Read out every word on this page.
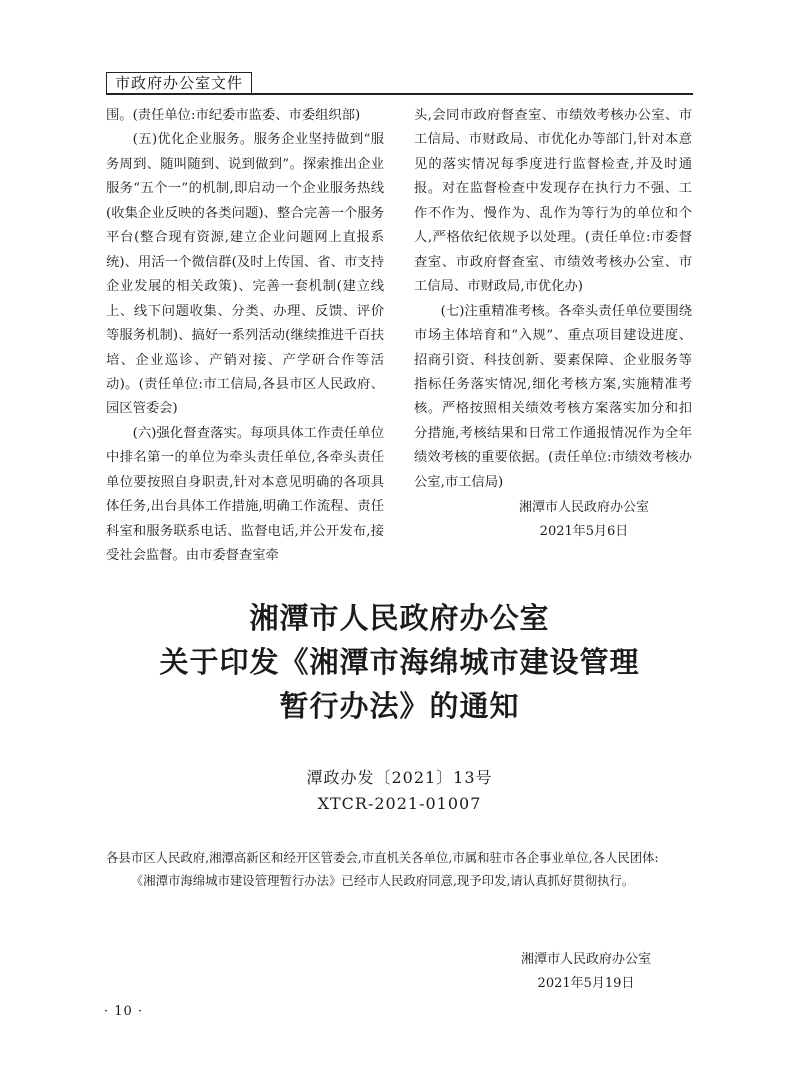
市政府办公室文件

围。(责任单位:市纪委市监委、市委组织部)

(五)优化企业服务。服务企业坚持做到“服务周到、随叫随到、说到做到”。探索推出企业服务“五个一”的机制,即启动一个企业服务热线(收集企业反映的各类问题)、整合完善一个服务平台(整合现有资源,建立企业问题网上直报系统)、用活一个微信群(及时上传国、省、市支持企业发展的相关政策)、完善一套机制(建立线上、线下问题收集、分类、办理、反馈、评价等服务机制)、搞好一系列活动(继续推进千百扶培、企业巡诊、产销对接、产学研合作等活动)。(责任单位:市工信局,各县市区人民政府、园区管委会)

(六)强化督查落实。每项具体工作责任单位中排名第一的单位为牵头责任单位,各牵头责任单位要按照自身职责,针对本意见明确的各项具体任务,出台具体工作措施,明确工作流程、责任科室和服务联系电话、监督电话,并公开发布,接受社会监督。由市委督查室牵

头,会同市政府督查室、市绩效考核办公室、市工信局、市财政局、市优化办等部门,针对本意见的落实情况每季度进行监督检查,并及时通报。对在监督检查中发现存在执行力不强、工作不作为、慢作为、乱作为等行为的单位和个人,严格依纪依规予以处理。(责任单位:市委督查室、市政府督查室、市绩效考核办公室、市工信局、市财政局,市优化办)

(七)注重精准考核。各牵头责任单位要围绕市场主体培育和“入规”、重点项目建设进度、招商引资、科技创新、要素保障、企业服务等指标任务落实情况,细化考核方案,实施精准考核。严格按照相关绩效考核方案落实加分和扣分措施,考核结果和日常工作通报情况作为全年绩效考核的重要依据。(责任单位:市绩效考核办公室,市工信局)

湘潭市人民政府办公室
2021年5月6日
湘潭市人民政府办公室
关于印发《湘潭市海绵城市建设管理
暂行办法》的通知
潭政办发〔2021〕13号
XTCR-2021-01007

各县市区人民政府,湘潭高新区和经开区管委会,市直机关各单位,市属和驻市各企事业单位,各人民团体:

《湘潭市海绵城市建设管理暂行办法》已经市人民政府同意,现予印发,请认真抓好贯彻执行。

湘潭市人民政府办公室
2021年5月19日
· 10 ·
